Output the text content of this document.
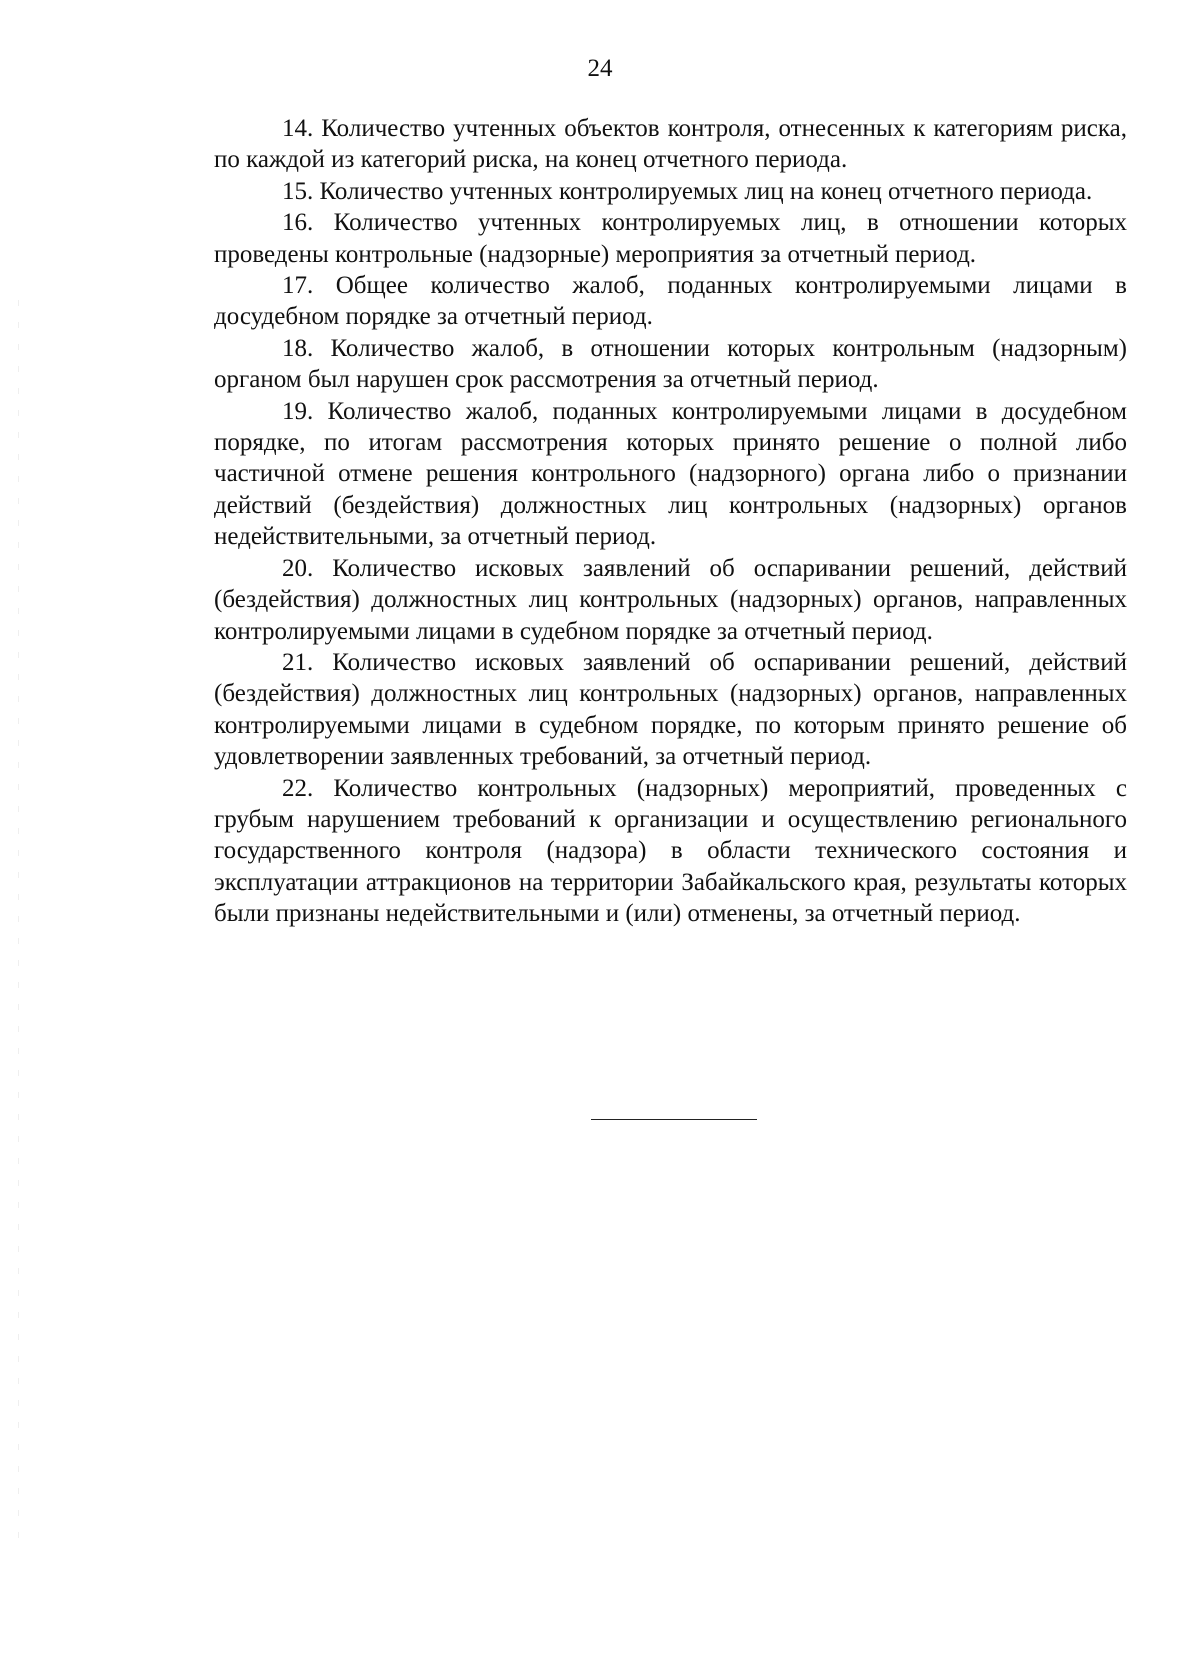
24

14. Количество учтенных объектов контроля, отнесенных к категориям риска, по каждой из категорий риска, на конец отчетного периода.

15. Количество учтенных контролируемых лиц на конец отчетного периода.

16. Количество учтенных контролируемых лиц, в отношении которых проведены контрольные (надзорные) мероприятия за отчетный период.

17. Общее количество жалоб, поданных контролируемыми лицами в досудебном порядке за отчетный период.

18. Количество жалоб, в отношении которых контрольным (надзорным) органом был нарушен срок рассмотрения за отчетный период.

19. Количество жалоб, поданных контролируемыми лицами в досудебном порядке, по итогам рассмотрения которых принято решение о полной либо частичной отмене решения контрольного (надзорного) органа либо о признании действий (бездействия) должностных лиц контрольных (надзорных) органов недействительными, за отчетный период.

20. Количество исковых заявлений об оспаривании решений, действий (бездействия) должностных лиц контрольных (надзорных) органов, направленных контролируемыми лицами в судебном порядке за отчетный период.

21. Количество исковых заявлений об оспаривании решений, действий (бездействия) должностных лиц контрольных (надзорных) органов, направленных контролируемыми лицами в судебном порядке, по которым принято решение об удовлетворении заявленных требований, за отчетный период.

22. Количество контрольных (надзорных) мероприятий, проведенных с грубым нарушением требований к организации и осуществлению регионального государственного контроля (надзора) в области технического состояния и эксплуатации аттракционов на территории Забайкальского края, результаты которых были признаны недействительными и (или) отменены, за отчетный период.
